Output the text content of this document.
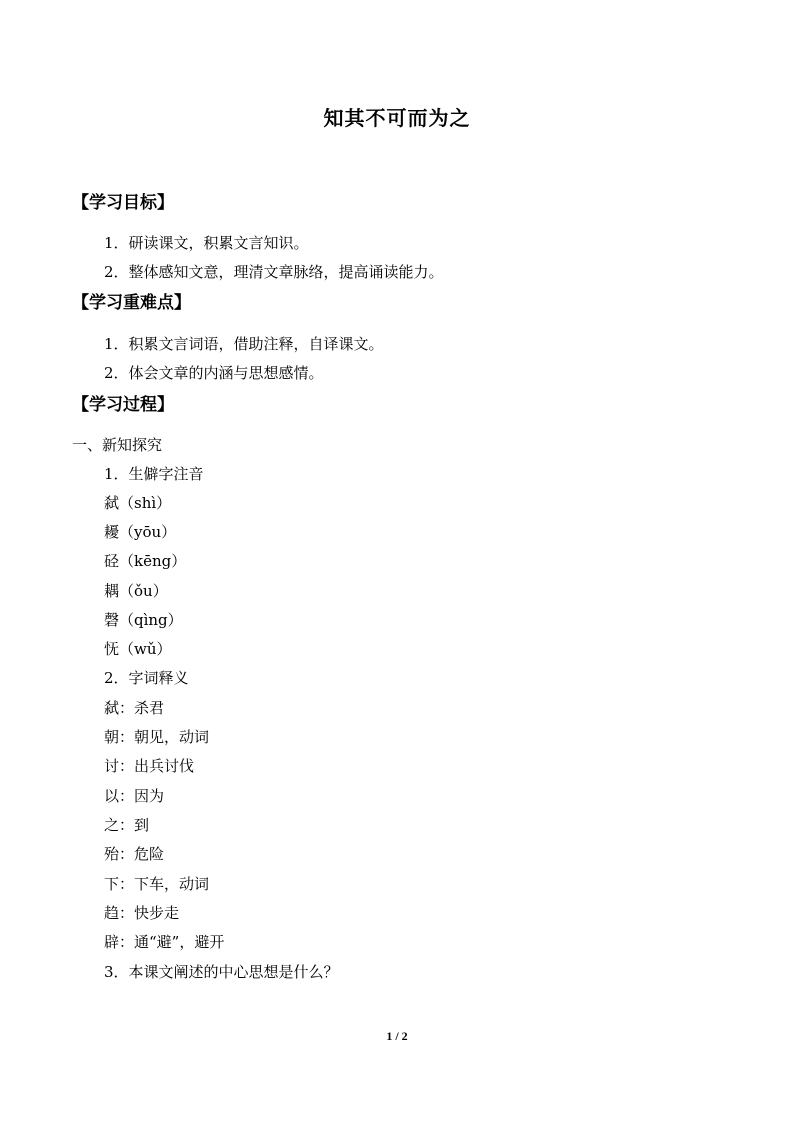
知其不可而为之
【学习目标】
1．研读课文，积累文言知识。
2．整体感知文意，理清文章脉络，提高诵读能力。
【学习重难点】
1．积累文言词语，借助注释，自译课文。
2．体会文章的内涵与思想感情。
【学习过程】
一、新知探究
1．生僻字注音
弑（shì）
耰（yōu）
硁（kēng）
耦（ǒu）
磬（qìng）
怃（wǔ）
2．字词释义
弑：杀君
朝：朝见，动词
讨：出兵讨伐
以：因为
之：到
殆：危险
下：下车，动词
趋：快步走
辟：通“避”，避开
3．本课文阐述的中心思想是什么？
1 / 2
